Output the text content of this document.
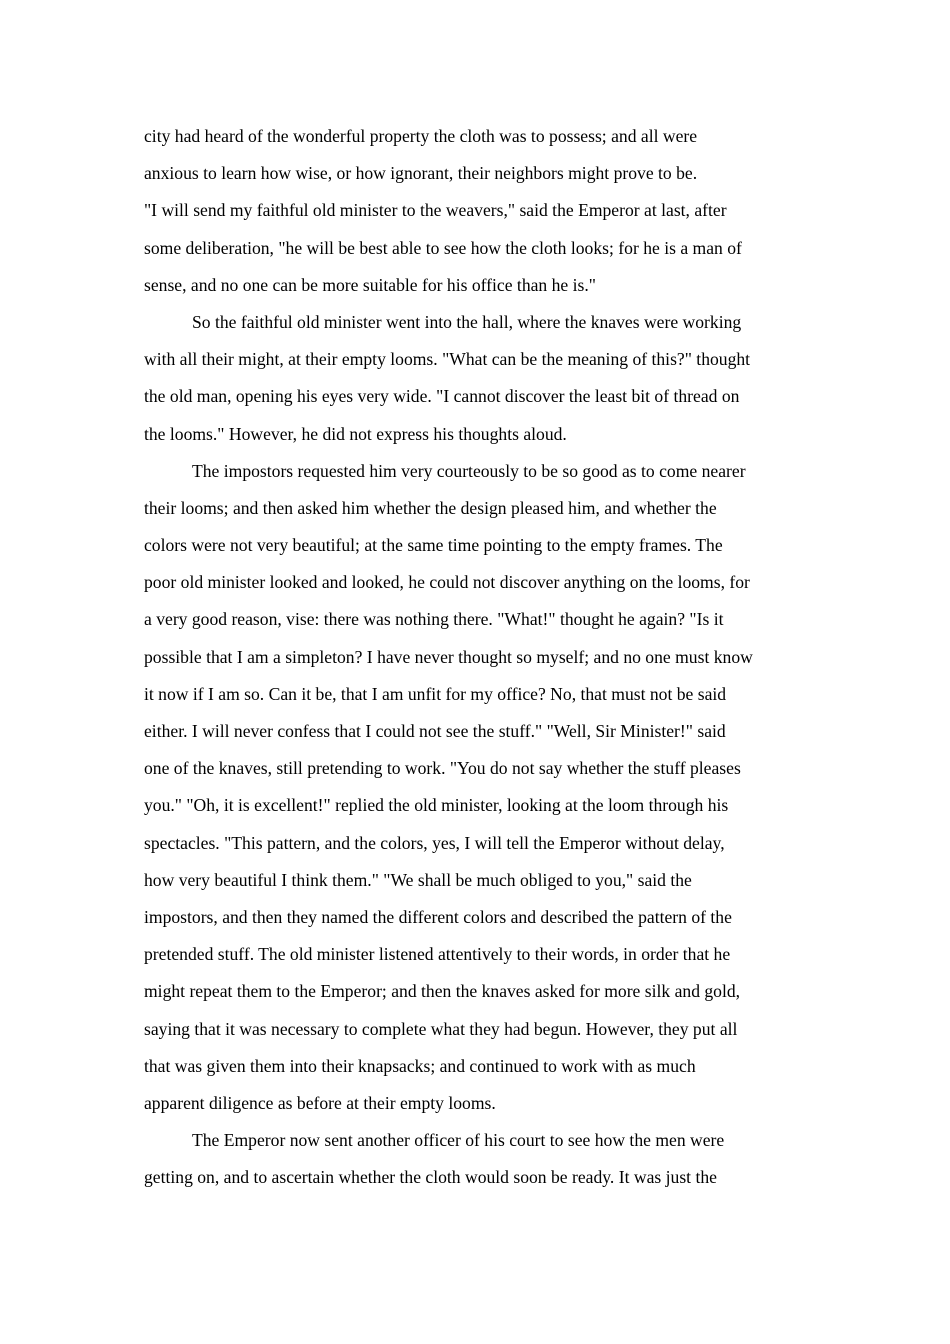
city had heard of the wonderful property the cloth was to possess; and all were
anxious to learn how wise, or how ignorant, their neighbors might prove to be.
"I will send my faithful old minister to the weavers," said the Emperor at last, after
some deliberation, "he will be best able to see how the cloth looks; for he is a man of
sense, and no one can be more suitable for his office than he is."
So the faithful old minister went into the hall, where the knaves were working
with all their might, at their empty looms. "What can be the meaning of this?" thought
the old man, opening his eyes very wide. "I cannot discover the least bit of thread on
the looms." However, he did not express his thoughts aloud.
The impostors requested him very courteously to be so good as to come nearer
their looms; and then asked him whether the design pleased him, and whether the
colors were not very beautiful; at the same time pointing to the empty frames. The
poor old minister looked and looked, he could not discover anything on the looms, for
a very good reason, vise: there was nothing there. "What!" thought he again? "Is it
possible that I am a simpleton? I have never thought so myself; and no one must know
it now if I am so. Can it be, that I am unfit for my office? No, that must not be said
either. I will never confess that I could not see the stuff." "Well, Sir Minister!" said
one of the knaves, still pretending to work. "You do not say whether the stuff pleases
you." "Oh, it is excellent!" replied the old minister, looking at the loom through his
spectacles. "This pattern, and the colors, yes, I will tell the Emperor without delay,
how very beautiful I think them." "We shall be much obliged to you," said the
impostors, and then they named the different colors and described the pattern of the
pretended stuff. The old minister listened attentively to their words, in order that he
might repeat them to the Emperor; and then the knaves asked for more silk and gold,
saying that it was necessary to complete what they had begun. However, they put all
that was given them into their knapsacks; and continued to work with as much
apparent diligence as before at their empty looms.
The Emperor now sent another officer of his court to see how the men were
getting on, and to ascertain whether the cloth would soon be ready. It was just the
